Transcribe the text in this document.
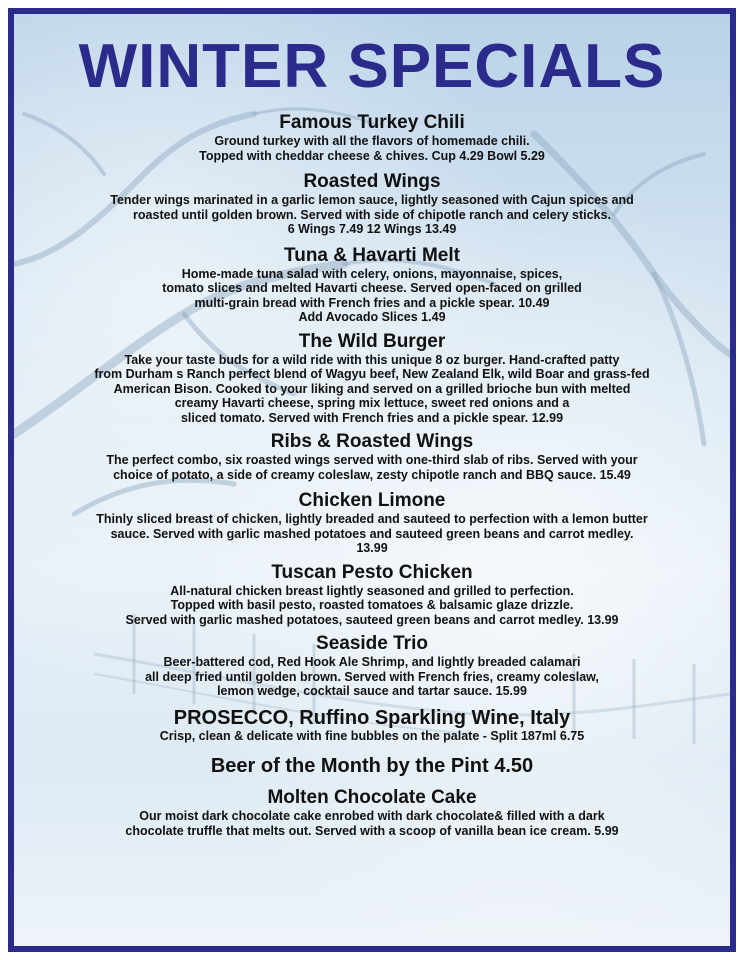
WINTER SPECIALS
Famous Turkey Chili
Ground turkey with all the flavors of homemade chili.
Topped with cheddar cheese & chives. Cup 4.29 Bowl 5.29
Roasted Wings
Tender wings marinated in a garlic lemon sauce, lightly seasoned with Cajun spices and
roasted until golden brown. Served with side of chipotle ranch and celery sticks.
6 Wings 7.49 12 Wings 13.49
Tuna & Havarti Melt
Home-made tuna salad with celery, onions, mayonnaise, spices,
tomato slices and melted Havarti cheese. Served open-faced on grilled
multi-grain bread with French fries and a pickle spear. 10.49
Add Avocado Slices 1.49
The Wild Burger
Take your taste buds for a wild ride with this unique 8 oz burger. Hand-crafted patty
from Durham s Ranch perfect blend of Wagyu beef, New Zealand Elk, wild Boar and grass-fed
American Bison. Cooked to your liking and served on a grilled brioche bun with melted
creamy Havarti cheese, spring mix lettuce, sweet red onions and a
sliced tomato. Served with French fries and a pickle spear. 12.99
Ribs & Roasted Wings
The perfect combo, six roasted wings served with one-third slab of ribs. Served with your
choice of potato, a side of creamy coleslaw, zesty chipotle ranch and BBQ sauce. 15.49
Chicken Limone
Thinly sliced breast of chicken, lightly breaded and sauteed to perfection with a lemon butter
sauce. Served with garlic mashed potatoes and sauteed green beans and carrot medley.
13.99
Tuscan Pesto Chicken
All-natural chicken breast lightly seasoned and grilled to perfection.
Topped with basil pesto, roasted tomatoes & balsamic glaze drizzle.
Served with garlic mashed potatoes, sauteed green beans and carrot medley. 13.99
Seaside Trio
Beer-battered cod, Red Hook Ale Shrimp, and lightly breaded calamari
all deep fried until golden brown. Served with French fries, creamy coleslaw,
lemon wedge, cocktail sauce and tartar sauce. 15.99
PROSECCO, Ruffino Sparkling Wine, Italy
Crisp, clean & delicate with fine bubbles on the palate - Split 187ml 6.75
Beer of the Month by the Pint 4.50
Molten Chocolate Cake
Our moist dark chocolate cake enrobed with dark chocolate& filled with a dark
chocolate truffle that melts out. Served with a scoop of vanilla bean ice cream. 5.99
